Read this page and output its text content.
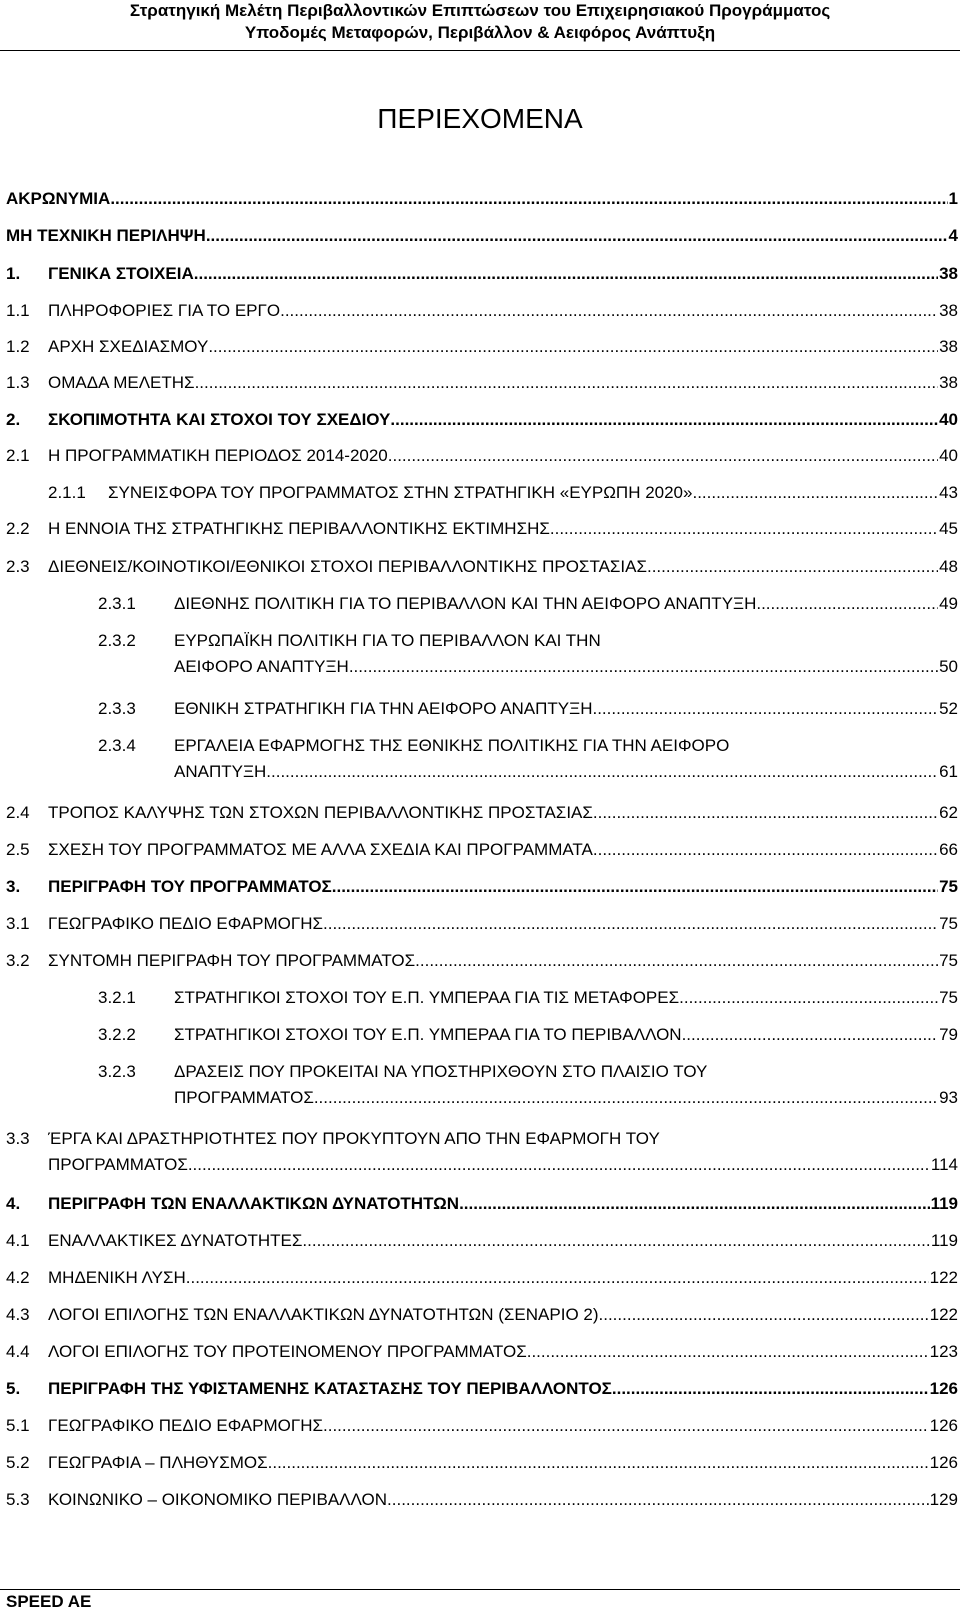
Στρατηγική Μελέτη Περιβαλλοντικών Επιπτώσεων του Επιχειρησιακού Προγράμματος
Υποδομές Μεταφορών, Περιβάλλον & Αειφόρος Ανάπτυξη
ΠΕΡΙΕΧΟΜΕΝΑ
ΑΚΡΩΝΥΜΙΑ .....	1
ΜΗ ΤΕΧΝΙΚΗ ΠΕΡΙΛΗΨΗ .....	4
1. ΓΕΝΙΚΑ ΣΤΟΙΧΕΙΑ .....	38
1.1 ΠΛΗΡΟΦΟΡΙΕΣ ΓΙΑ ΤΟ ΕΡΓΟ .....	38
1.2 ΑΡΧΗ ΣΧΕΔΙΑΣΜΟΥ .....	38
1.3 ΟΜΑΔΑ ΜΕΛΕΤΗΣ .....	38
2. ΣΚΟΠΙΜΟΤΗΤΑ ΚΑΙ ΣΤΟΧΟΙ ΤΟΥ ΣΧΕΔΙΟΥ .....	40
2.1 Η ΠΡΟΓΡΑΜΜΑΤΙΚΗ ΠΕΡΙΟΔΟΣ 2014-2020 .....	40
2.1.1 ΣΥΝΕΙΣΦΟΡΑ ΤΟΥ ΠΡΟΓΡΑΜΜΑΤΟΣ ΣΤΗΝ ΣΤΡΑΤΗΓΙΚΗ «ΕΥΡΩΠΗ 2020» .....	43
2.2 Η ΕΝΝΟΙΑ ΤΗΣ ΣΤΡΑΤΗΓΙΚΗΣ ΠΕΡΙΒΑΛΛΟΝΤΙΚΗΣ ΕΚΤΙΜΗΣΗΣ .....	45
2.3 ΔΙΕΘΝΕΙΣ/ΚΟΙΝΟΤΙΚΟΙ/ΕΘΝΙΚΟΙ ΣΤΟΧΟΙ ΠΕΡΙΒΑΛΛΟΝΤΙΚΗΣ ΠΡΟΣΤΑΣΙΑΣ .....	48
2.3.1 ΔΙΕΘΝΗΣ ΠΟΛΙΤΙΚΗ ΓΙΑ ΤΟ ΠΕΡΙΒΑΛΛΟΝ ΚΑΙ ΤΗΝ ΑΕΙΦΟΡΟ ΑΝΑΠΤΥΞΗ .....	49
2.3.2 ΕΥΡΩΠΑΪΚΗ ΠΟΛΙΤΙΚΗ ΓΙΑ ΤΟ ΠΕΡΙΒΑΛΛΟΝ ΚΑΙ ΤΗΝ
ΑΕΙΦΟΡΟ ΑΝΑΠΤΥΞΗ .....	50
2.3.3 ΕΘΝΙΚΗ ΣΤΡΑΤΗΓΙΚΗ ΓΙΑ ΤΗΝ ΑΕΙΦΟΡΟ ΑΝΑΠΤΥΞΗ .....	52
2.3.4 ΕΡΓΑΛΕΙΑ ΕΦΑΡΜΟΓΗΣ ΤΗΣ ΕΘΝΙΚΗΣ ΠΟΛΙΤΙΚΗΣ ΓΙΑ ΤΗΝ ΑΕΙΦΟΡΟ
ΑΝΑΠΤΥΞΗ .....	61
2.4 ΤΡΟΠΟΣ ΚΑΛΥΨΗΣ ΤΩΝ ΣΤΟΧΩΝ ΠΕΡΙΒΑΛΛΟΝΤΙΚΗΣ ΠΡΟΣΤΑΣΙΑΣ .....	62
2.5 ΣΧΕΣΗ ΤΟΥ ΠΡΟΓΡΑΜΜΑΤΟΣ ΜΕ ΑΛΛΑ ΣΧΕΔΙΑ ΚΑΙ ΠΡΟΓΡΑΜΜΑΤΑ .....	66
3. ΠΕΡΙΓΡΑΦΗ ΤΟΥ ΠΡΟΓΡΑΜΜΑΤΟΣ .....	75
3.1 ΓΕΩΓΡΑΦΙΚΟ ΠΕΔΙΟ ΕΦΑΡΜΟΓΗΣ .....	75
3.2 ΣΥΝΤΟΜΗ ΠΕΡΙΓΡΑΦΗ ΤΟΥ ΠΡΟΓΡΑΜΜΑΤΟΣ .....	75
3.2.1 ΣΤΡΑΤΗΓΙΚΟΙ ΣΤΟΧΟΙ ΤΟΥ Ε.Π. ΥΜΠΕΡΑΑ ΓΙΑ ΤΙΣ ΜΕΤΑΦΟΡΕΣ .....	75
3.2.2 ΣΤΡΑΤΗΓΙΚΟΙ ΣΤΟΧΟΙ ΤΟΥ Ε.Π. ΥΜΠΕΡΑΑ ΓΙΑ ΤΟ ΠΕΡΙΒΑΛΛΟΝ .....	79
3.2.3 ΔΡΑΣΕΙΣ ΠΟΥ ΠΡΟΚΕΙΤΑΙ ΝΑ ΥΠΟΣΤΗΡΙΧΘΟΥΝ ΣΤΟ ΠΛΑΙΣΙΟ ΤΟΥ
ΠΡΟΓΡΑΜΜΑΤΟΣ .....	93
3.3 ΈΡΓΑ ΚΑΙ ΔΡΑΣΤΗΡΙΟΤΗΤΕΣ ΠΟΥ ΠΡΟΚΥΠΤΟΥΝ ΑΠΟ ΤΗΝ ΕΦΑΡΜΟΓΗ ΤΟΥ
ΠΡΟΓΡΑΜΜΑΤΟΣ .....	114
4. ΠΕΡΙΓΡΑΦΗ ΤΩΝ ΕΝΑΛΛΑΚΤΙΚΩΝ ΔΥΝΑΤΟΤΗΤΩΝ .....	119
4.1 ΕΝΑΛΛΑΚΤΙΚΕΣ ΔΥΝΑΤΟΤΗΤΕΣ .....	119
4.2 ΜΗΔΕΝΙΚΗ ΛΥΣΗ .....	122
4.3 ΛΟΓΟΙ ΕΠΙΛΟΓΗΣ ΤΩΝ ΕΝΑΛΛΑΚΤΙΚΩΝ ΔΥΝΑΤΟΤΗΤΩΝ (ΣΕΝΑΡΙΟ 2) .....	122
4.4 ΛΟΓΟΙ ΕΠΙΛΟΓΗΣ ΤΟΥ ΠΡΟΤΕΙΝΟΜΕΝΟΥ ΠΡΟΓΡΑΜΜΑΤΟΣ .....	123
5. ΠΕΡΙΓΡΑΦΗ ΤΗΣ ΥΦΙΣΤΑΜΕΝΗΣ ΚΑΤΑΣΤΑΣΗΣ ΤΟΥ ΠΕΡΙΒΑΛΛΟΝΤΟΣ .....	126
5.1 ΓΕΩΓΡΑΦΙΚΟ ΠΕΔΙΟ ΕΦΑΡΜΟΓΗΣ .....	126
5.2 ΓΕΩΓΡΑΦΙΑ – ΠΛΗΘΥΣΜΟΣ .....	126
5.3 ΚΟΙΝΩΝΙΚΟ – ΟΙΚΟΝΟΜΙΚΟ ΠΕΡΙΒΑΛΛΟΝ .....	129
SPEED AE
